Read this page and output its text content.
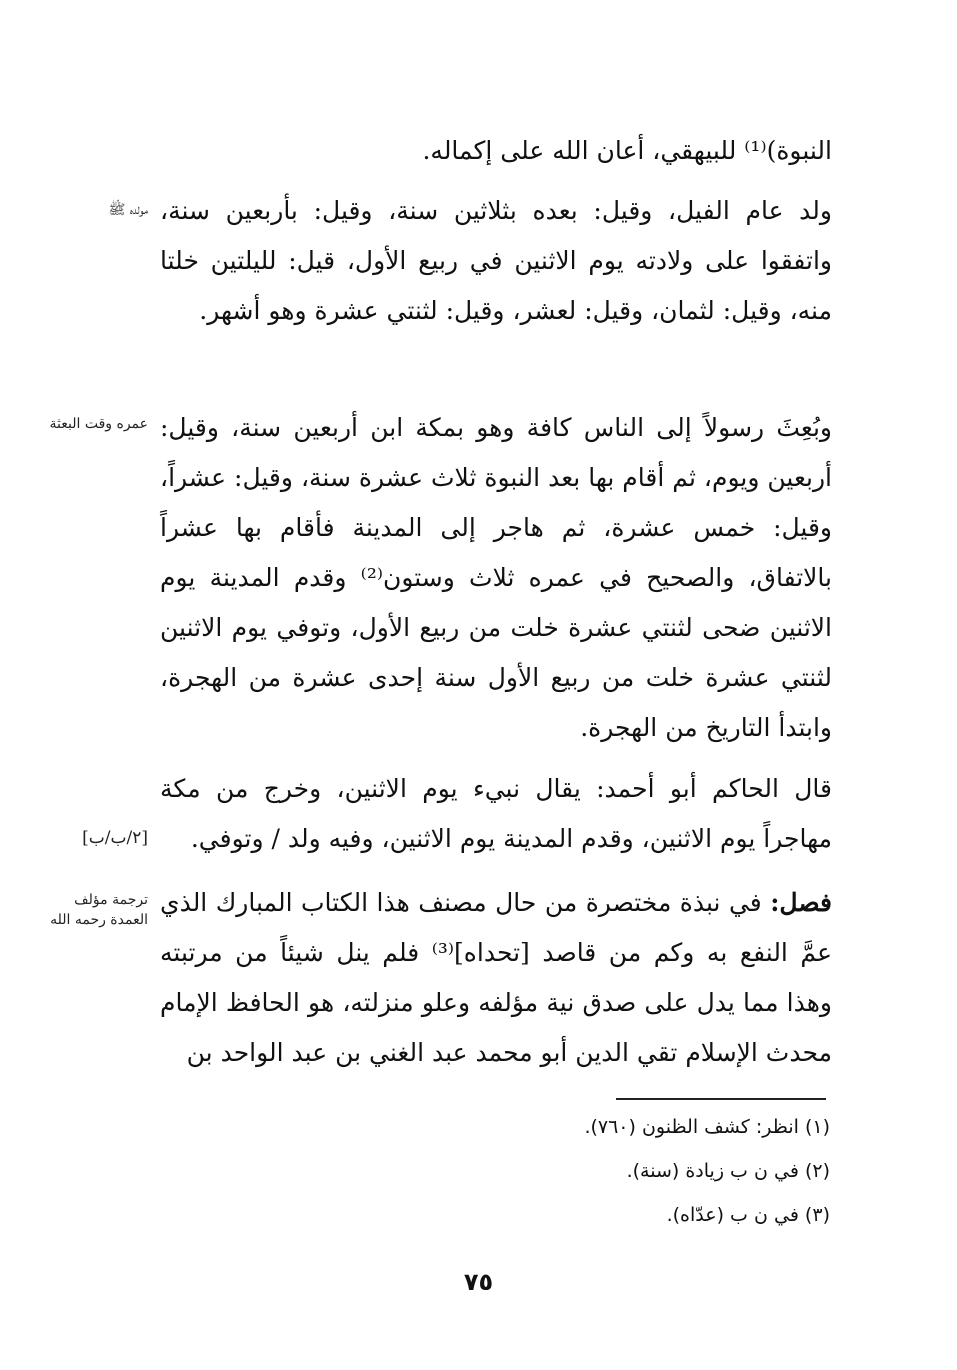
النبوة)⁽¹⁾ للبيهقي، أعان الله على إكماله.

ولد عام الفيل، وقيل: بعده بثلاثين سنة، وقيل: بأربعين سنة، واتفقوا على ولادته يوم الاثنين في ربيع الأول، قيل: لليلتين خلتا منه، وقيل: لثمان، وقيل: لعشر، وقيل: لثنتي عشرة وهو أشهر.

مولده ﷺ

وبُعِثَ رسولاً إلى الناس كافة وهو بمكة ابن أربعين سنة، وقيل: أربعين ويوم، ثم أقام بها بعد النبوة ثلاث عشرة سنة، وقيل: عشراً، وقيل: خمس عشرة، ثم هاجر إلى المدينة فأقام بها عشراً بالاتفاق، والصحيح في عمره ثلاث وستون⁽²⁾ وقدم المدينة يوم الاثنين ضحى لثنتي عشرة خلت من ربيع الأول، وتوفي يوم الاثنين لثنتي عشرة خلت من ربيع الأول سنة إحدى عشرة من الهجرة، وابتدأ التاريخ من الهجرة.

عمره وقت البعثة

قال الحاكم أبو أحمد: يقال نبيء يوم الاثنين، وخرج من مكة مهاجراً يوم الاثنين، وقدم المدينة يوم الاثنين، وفيه ولد / وتوفي.

[٢/ب/ب]

فصل: في نبذة مختصرة من حال مصنف هذا الكتاب المبارك الذي عمَّ النفع به وكم من قاصد [تحداه]⁽³⁾ فلم ينل شيئاً من مرتبته وهذا مما يدل على صدق نية مؤلفه وعلو منزلته، هو الحافظ الإمام محدث الإسلام تقي الدين أبو محمد عبد الغني بن عبد الواحد بن

ترجمة مؤلف العمدة رحمه الله
(١) انظر: كشف الظنون (٧٦٠).
(٢) في ن ب زيادة (سنة).
(٣) في ن ب (عدّاه).
٧٥
